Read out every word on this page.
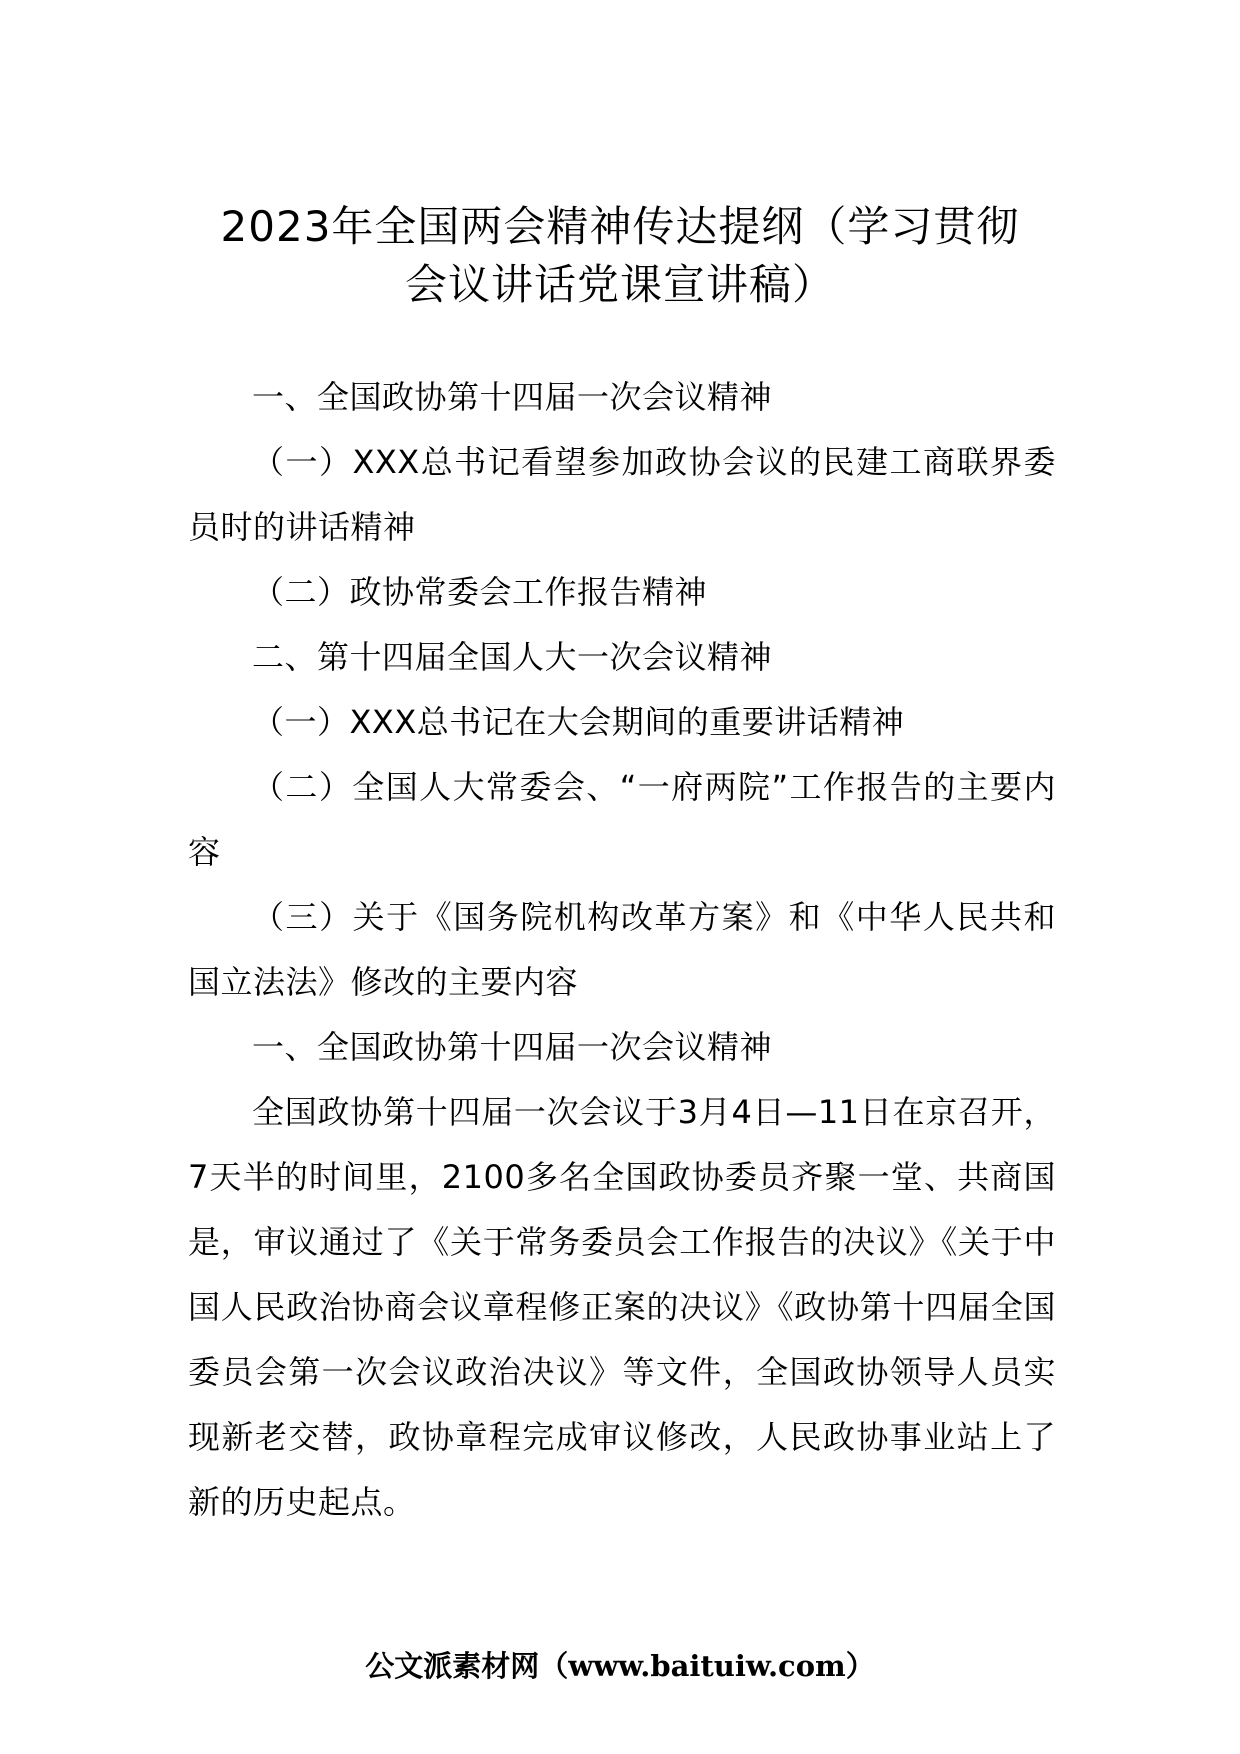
2023年全国两会精神传达提纲（学习贯彻
会议讲话党课宣讲稿）

一、全国政协第十四届一次会议精神

（一）XXX总书记看望参加政协会议的民建工商联界委员时的讲话精神

（二）政协常委会工作报告精神

二、第十四届全国人大一次会议精神

（一）XXX总书记在大会期间的重要讲话精神

（二）全国人大常委会、“一府两院”工作报告的主要内容

（三）关于《国务院机构改革方案》和《中华人民共和国立法法》修改的主要内容

一、全国政协第十四届一次会议精神

全国政协第十四届一次会议于3月4日—11日在京召开，7天半的时间里，2100多名全国政协委员齐聚一堂、共商国是，审议通过了《关于常务委员会工作报告的决议》《关于中国人民政治协商会议章程修正案的决议》《政协第十四届全国委员会第一次会议政治决议》等文件，全国政协领导人员实现新老交替，政协章程完成审议修改，人民政协事业站上了新的历史起点。

公文派素材网（www.baituiw.com）
